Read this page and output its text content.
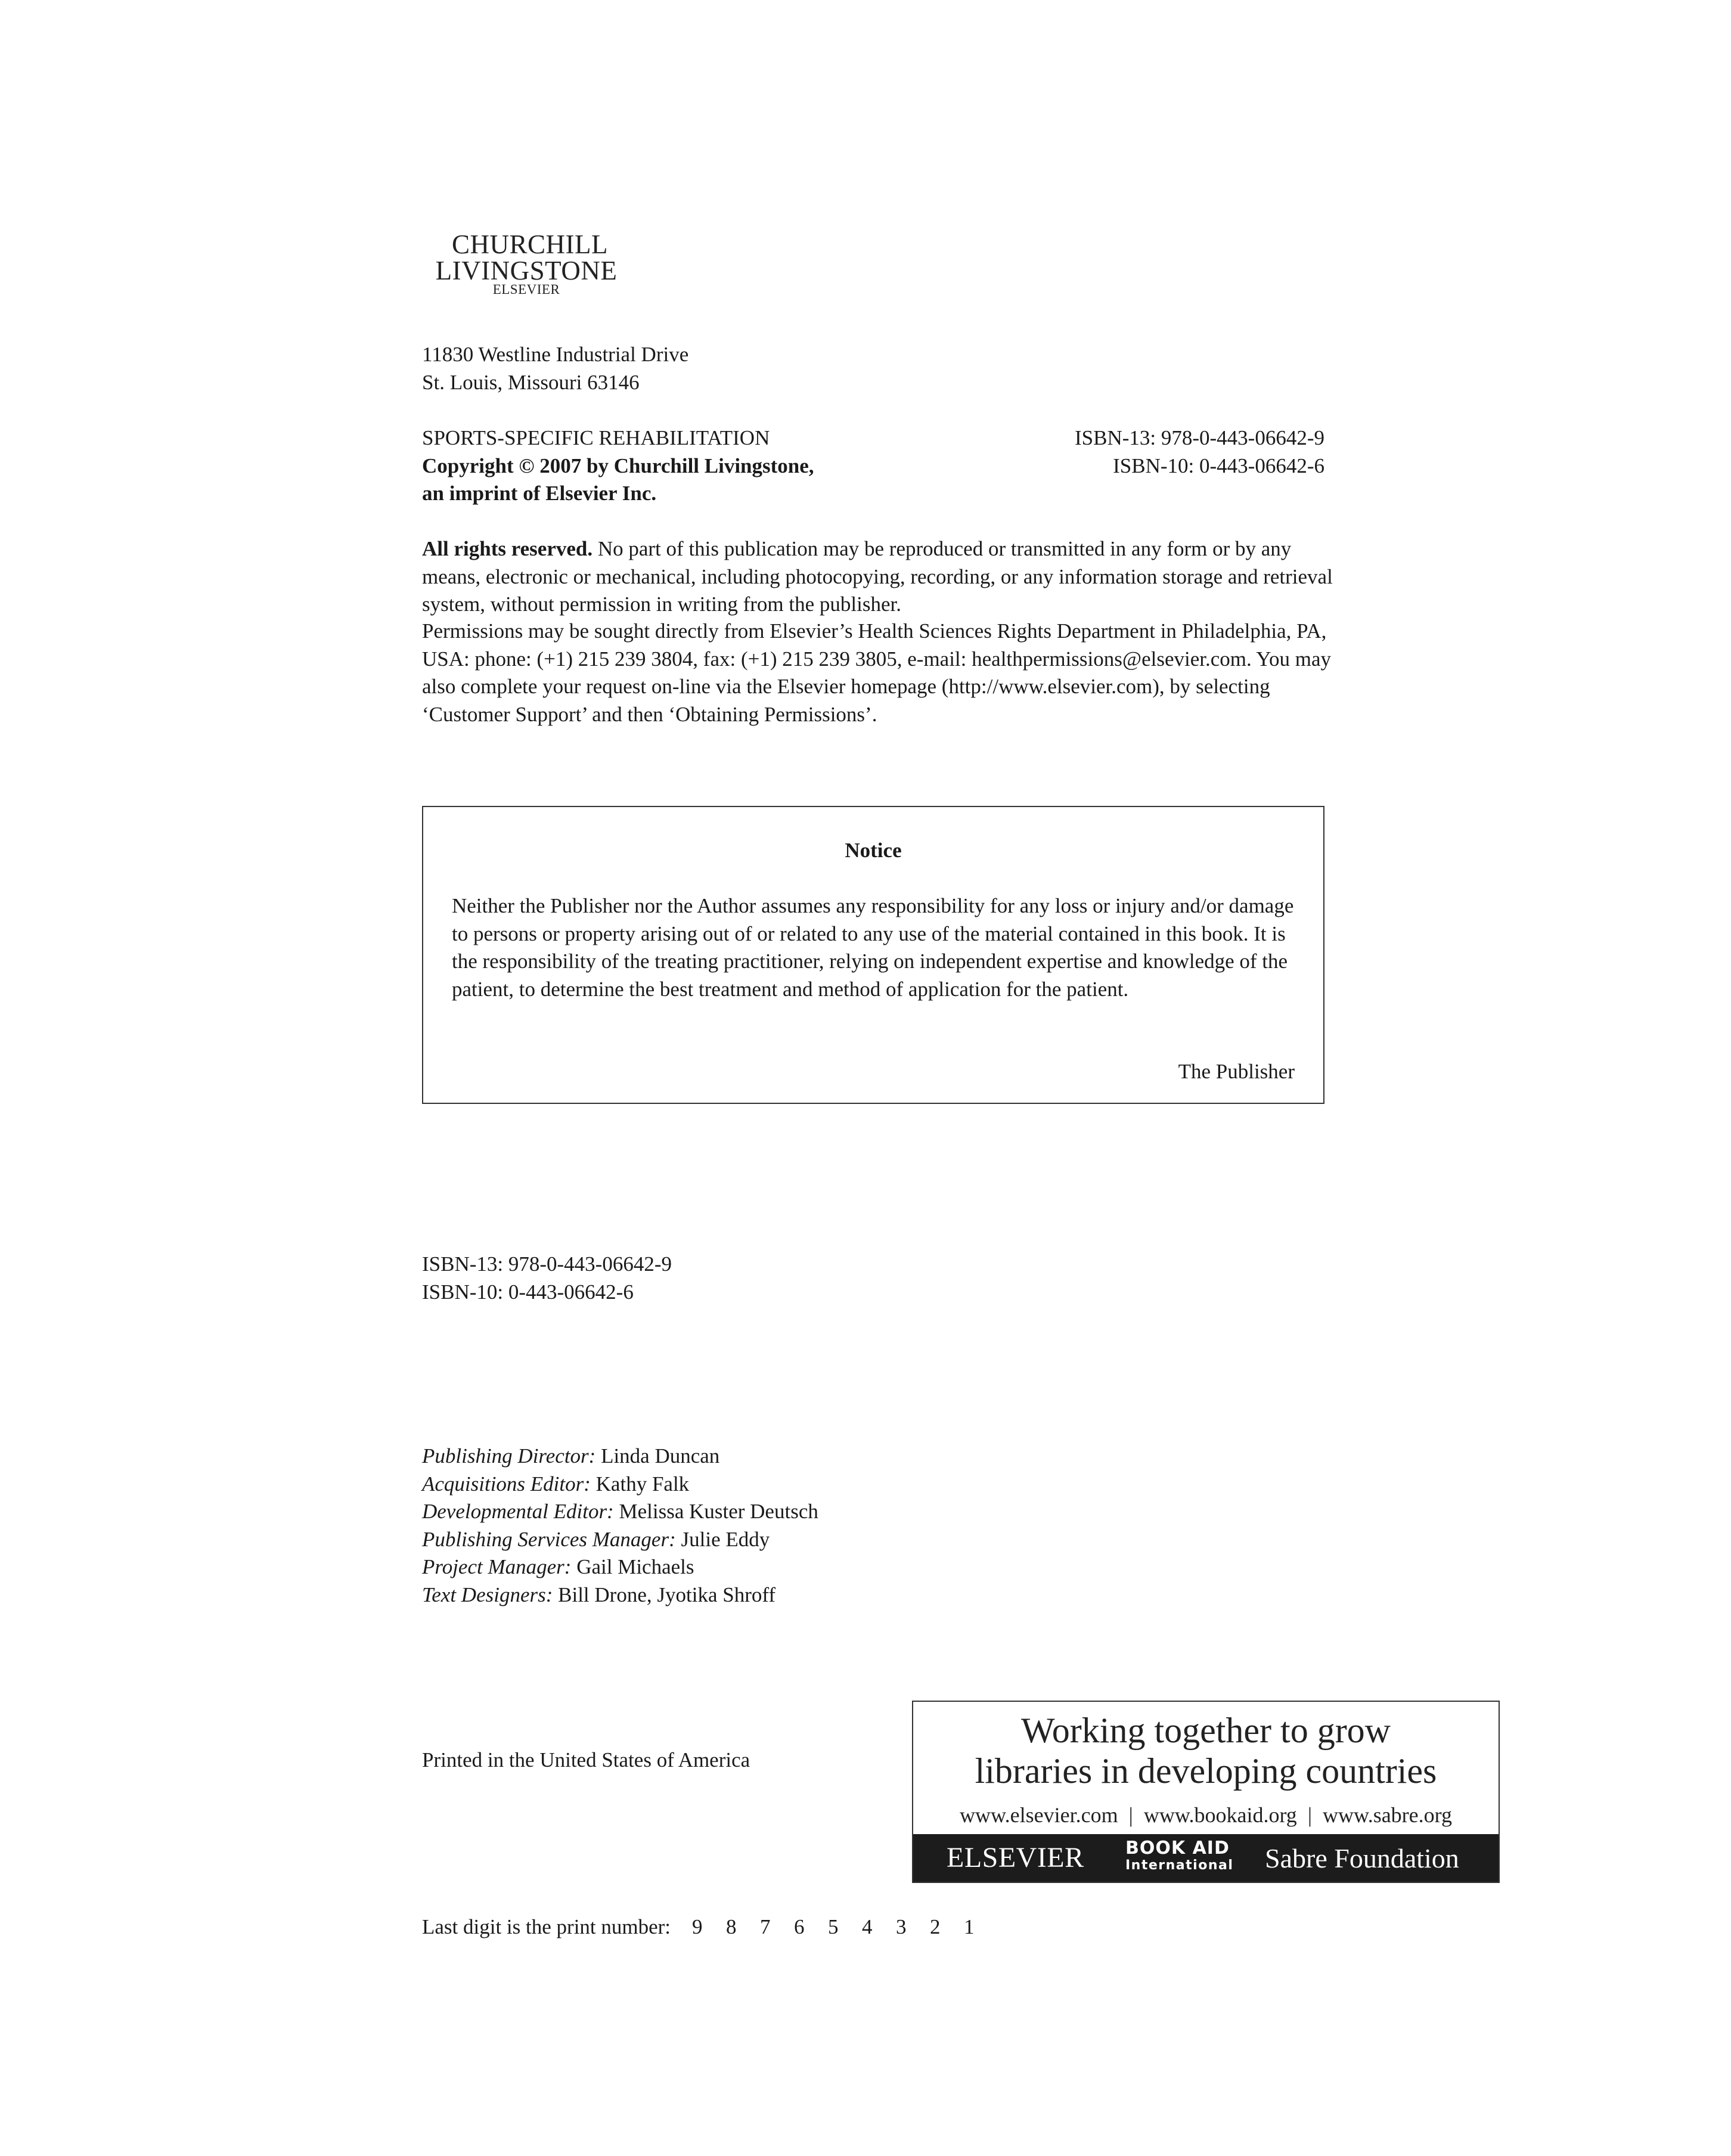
CHURCHILL
LIVINGSTONE
ELSEVIER
11830 Westline Industrial Drive
St. Louis, Missouri 63146
SPORTS-SPECIFIC REHABILITATION
Copyright © 2007 by Churchill Livingstone,
an imprint of Elsevier Inc.
ISBN-13: 978-0-443-06642-9
ISBN-10: 0-443-06642-6
All rights reserved. No part of this publication may be reproduced or transmitted in any form or by any means, electronic or mechanical, including photocopying, recording, or any information storage and retrieval system, without permission in writing from the publisher.
Permissions may be sought directly from Elsevier’s Health Sciences Rights Department in Philadelphia, PA, USA: phone: (+1) 215 239 3804, fax: (+1) 215 239 3805, e-mail: healthpermissions@elsevier.com. You may also complete your request on-line via the Elsevier homepage (http://www.elsevier.com), by selecting ‘Customer Support’ and then ‘Obtaining Permissions’.
Notice
Neither the Publisher nor the Author assumes any responsibility for any loss or injury and/or damage to persons or property arising out of or related to any use of the material contained in this book. It is the responsibility of the treating practitioner, relying on independent expertise and knowledge of the patient, to determine the best treatment and method of application for the patient.
The Publisher
ISBN-13: 978-0-443-06642-9
ISBN-10: 0-443-06642-6
Publishing Director: Linda Duncan
Acquisitions Editor: Kathy Falk
Developmental Editor: Melissa Kuster Deutsch
Publishing Services Manager: Julie Eddy
Project Manager: Gail Michaels
Text Designers: Bill Drone, Jyotika Shroff
Printed in the United States of America
Working together to grow
libraries in developing countries
www.elsevier.com | www.bookaid.org | www.sabre.org
ELSEVIER BOOK AID
International Sabre Foundation
Last digit is the print number: 9 8 7 6 5 4 3 2 1
